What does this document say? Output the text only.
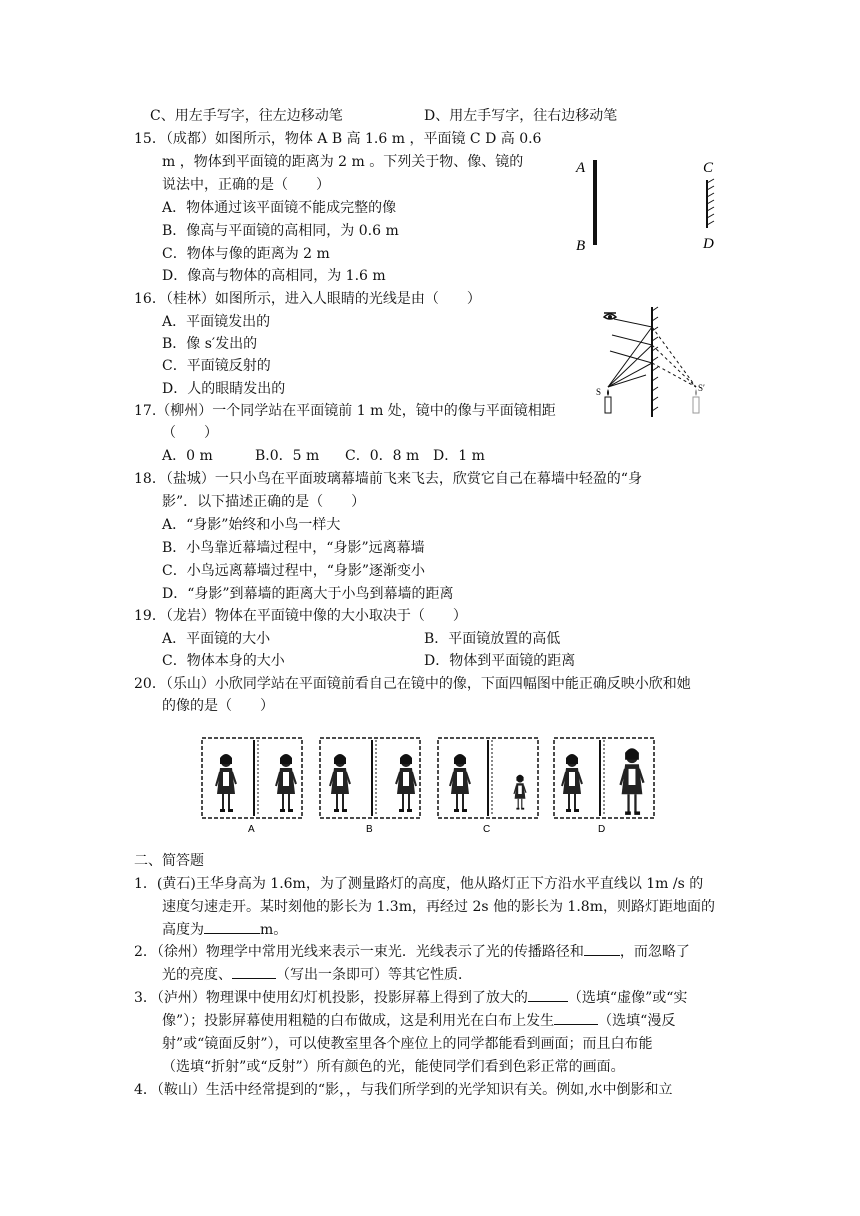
C、用左手写字，往左边移动笔	D、用左手写字，往右边移动笔
15．（成都）如图所示，物体 A B 高 1.6 m ，平面镜 C D 高 0.6
m ，物体到平面镜的距离为 2 m 。下列关于物、像、镜的
说法中，正确的是（　　）
A．物体通过该平面镜不能成完整的像
B．像高与平面镜的高相同，为 0.6 m
C．物体与像的距离为 2 m
D．像高与物体的高相同，为 1.6 m
A
B
C
D
16．（桂林）如图所示，进入人眼睛的光线是由（　　）
A．平面镜发出的
B．像 s′发出的
C．平面镜反射的
D．人的眼睛发出的	S	S′
17.（柳州）一个同学站在平面镜前 1 m 处，镜中的像与平面镜相距
（　　）
A．0 m	B.0．5 m C．0．8 m D．1 m
18．（盐城）一只小鸟在平面玻璃幕墙前飞来飞去，欣赏它自己在幕墙中轻盈的“身
影”．以下描述正确的是（　　）
A．“身影”始终和小鸟一样大
B．小鸟靠近幕墙过程中，“身影”远离幕墙
C．小鸟远离幕墙过程中，“身影”逐渐变小
D．“身影”到幕墙的距离大于小鸟到幕墙的距离
19．（龙岩）物体在平面镜中像的大小取决于（　　）
A．平面镜的大小	B．平面镜放置的高低
C．物体本身的大小	D．物体到平面镜的距离
20．（乐山）小欣同学站在平面镜前看自己在镜中的像，下面四幅图中能正确反映小欣和她
的像的是（　　）
A	B	C	D
二、简答题
1．(黄石)王华身高为 1.6m，为了测量路灯的高度，他从路灯正下方沿水平直线以 1m /s 的
速度匀速走开。某时刻他的影长为 1.3m，再经过 2s 他的影长为 1.8m，则路灯距地面的
高度为	m。
2．（徐州）物理学中常用光线来表示一束光．光线表示了光的传播路径和	，而忽略了
光的亮度、	（写出一条即可）等其它性质．
3．（泸州）物理课中使用幻灯机投影，投影屏幕上得到了放大的	（选填“虚像”或“实
像”）；投影屏幕使用粗糙的白布做成，这是利用光在白布上发生	（选填“漫反
射”或“镜面反射”），可以使教室里各个座位上的同学都能看到画面；而且白布能
（选填“折射”或“反射”）所有颜色的光，能使同学们看到色彩正常的画面。
4．（鞍山）生活中经常提到的“影，，与我们所学到的光学知识有关。例如,水中倒影和立
